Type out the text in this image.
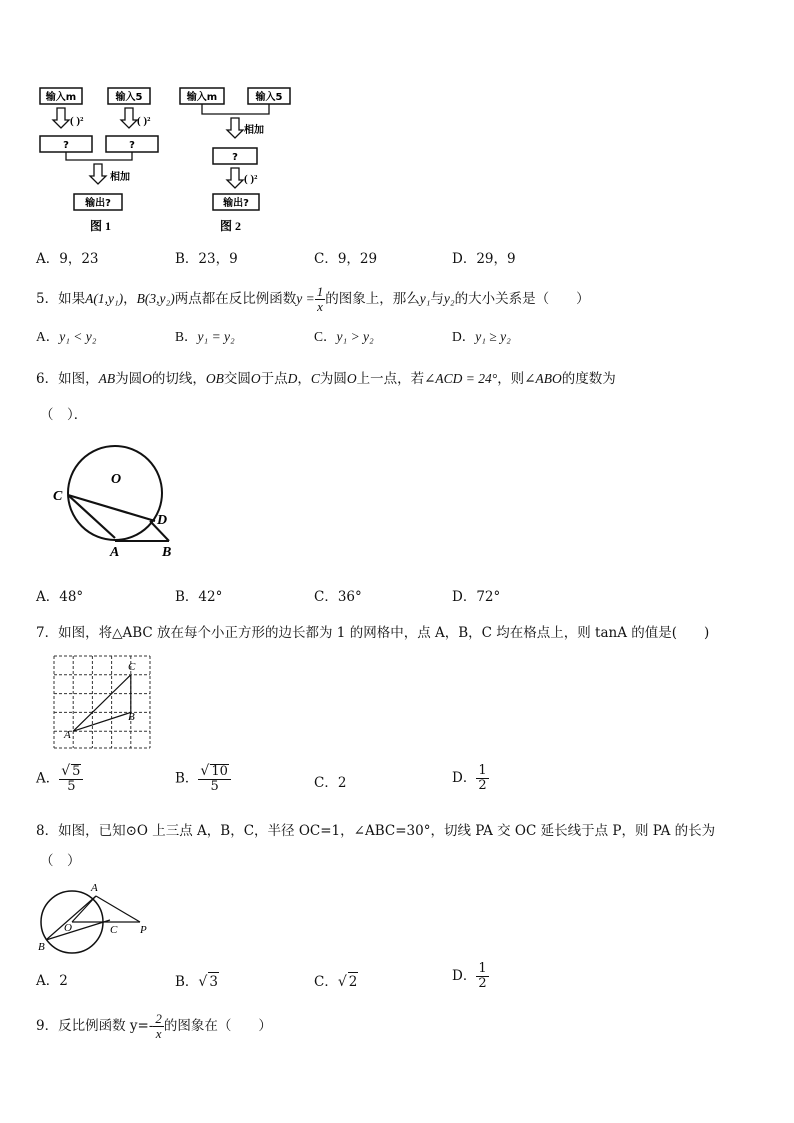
输入m	输入5
( )²	( )²
?	?
相加
输出?
图 1
输入m	输入5
相加
?
( )²
输出?
图 2
A．9，23	B．23，9	C．9，29	D．29，9
5．如果A(1,y₁)，B(3,y₂)两点都在反比例函数$y = \frac{1}{x}$ 的图象上，那么y₁与y₂的大小关系是（　　）
A．y₁ < y₂	B．y₁ = y₂	C．y₁ > y₂	D．y₁ ≥ y₂
6．如图，AB为圆O的切线，OB交圆O于点D，C为圆O上一点，若∠ACD = 24°，则∠ABO的度数为
（　）．
C
O
D
A	B
A．48°	B．42°	C．36°	D．72°
7．如图，将△ABC 放在每个小正方形的边长都为 1 的网格中，点 A，B，C 均在格点上，则 tanA 的值是(　　)
C
B
A
A． $\frac{√ 5}{5}$	B． $\frac{√ 10}{5}$	C．2	D． $\frac{1}{2}$
8．如图，已知⊙O 上三点 A，B，C，半径 OC=1，∠ABC=30°，切线 PA 交 OC 延长线于点 P，则 PA 的长为
（　）
A
O	C P
B
A．2	B．√ 3	C．√ 2	D． $\frac{1}{2}$
9．反比例函数 $y=- \frac{2}{x}$ 的图象在（　　）
